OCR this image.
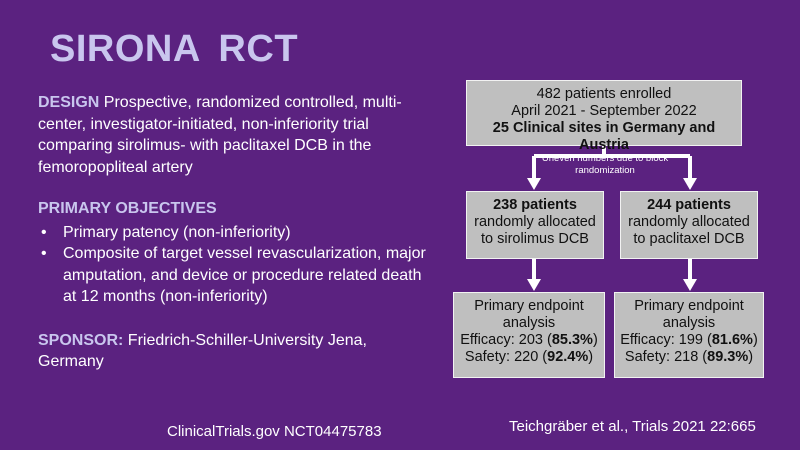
SIRONA RCT

DESIGN Prospective, randomized controlled, multi-center, investigator-initiated, non-inferiority trial comparing sirolimus- with paclitaxel DCB in the femoropopliteal artery

PRIMARY OBJECTIVES
• Primary patency (non-inferiority)
• Composite of target vessel revascularization, major amputation, and device or procedure related death at 12 months (non-inferiority)

SPONSOR: Friedrich-Schiller-University Jena, Germany

482 patients enrolled
April 2021 - September 2022
25 Clinical sites in Germany and Austria
Uneven numbers due to block randomization
238 patients
randomly allocated
to sirolimus DCB
244 patients
randomly allocated
to paclitaxel DCB
Primary endpoint
analysis
Efficacy: 203 (85.3%)
Safety: 220 (92.4%)
Primary endpoint
analysis
Efficacy: 199 (81.6%)
Safety: 218 (89.3%)
ClinicalTrials.gov NCT04475783	Teichgräber et al., Trials 2021 22:665
